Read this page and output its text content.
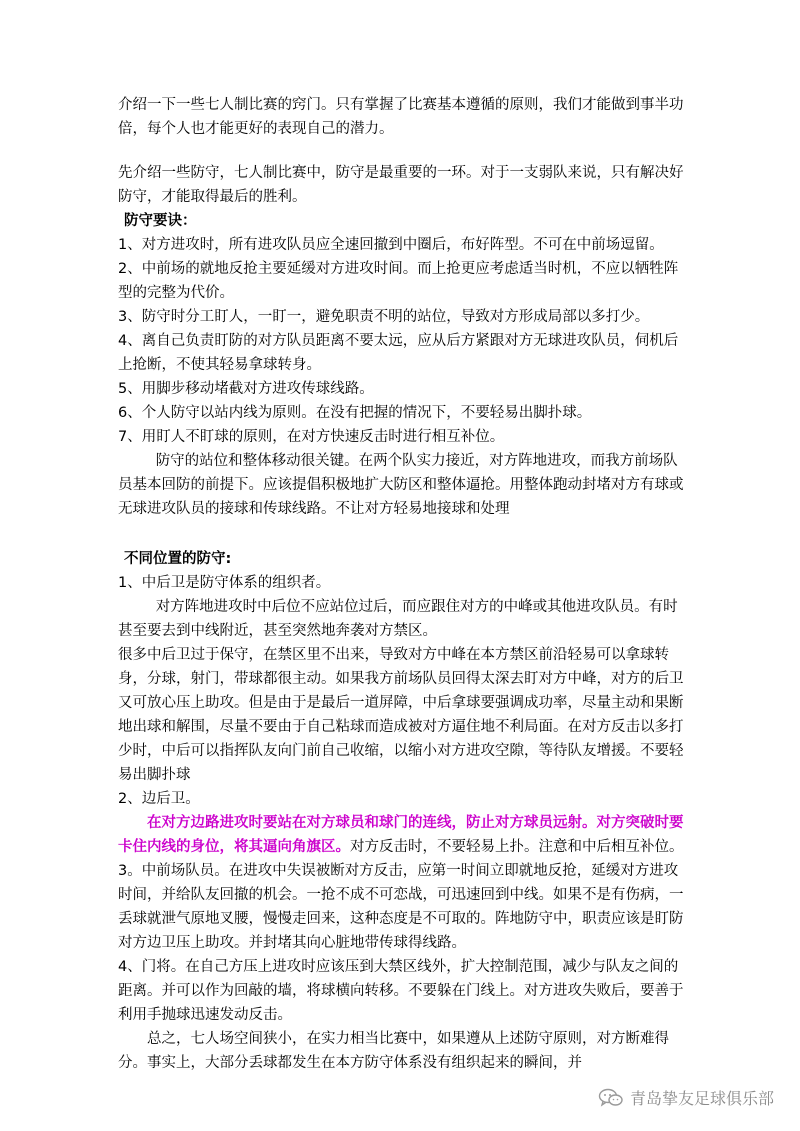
介绍一下一些七人制比赛的窍门。只有掌握了比赛基本遵循的原则，我们才能做到事半功倍，每个人也才能更好的表现自己的潜力。

先介绍一些防守，七人制比赛中，防守是最重要的一环。对于一支弱队来说，只有解决好防守，才能取得最后的胜利。

防守要诀：

1、对方进攻时，所有进攻队员应全速回撤到中圈后，布好阵型。不可在中前场逗留。

2、中前场的就地反抢主要延缓对方进攻时间。而上抢更应考虑适当时机，不应以牺牲阵型的完整为代价。

3、防守时分工盯人，一盯一，避免职责不明的站位，导致对方形成局部以多打少。

4、离自己负责盯防的对方队员距离不要太远，应从后方紧跟对方无球进攻队员，伺机后上抢断，不使其轻易拿球转身。

5、用脚步移动堵截对方进攻传球线路。

6、个人防守以站内线为原则。在没有把握的情况下，不要轻易出脚扑球。

7、用盯人不盯球的原则，在对方快速反击时进行相互补位。

防守的站位和整体移动很关键。在两个队实力接近，对方阵地进攻，而我方前场队员基本回防的前提下。应该提倡积极地扩大防区和整体逼抢。用整体跑动封堵对方有球或无球进攻队员的接球和传球线路。不让对方轻易地接球和处理

不同位置的防守:

1、中后卫是防守体系的组织者。

对方阵地进攻时中后位不应站位过后，而应跟住对方的中峰或其他进攻队员。有时甚至要去到中线附近，甚至突然地奔袭对方禁区。

很多中后卫过于保守，在禁区里不出来，导致对方中峰在本方禁区前沿轻易可以拿球转身，分球，射门，带球都很主动。如果我方前场队员回得太深去盯对方中峰，对方的后卫又可放心压上助攻。但是由于是最后一道屏障，中后拿球要强调成功率，尽量主动和果断地出球和解围，尽量不要由于自己粘球而造成被对方逼住地不利局面。在对方反击以多打少时，中后可以指挥队友向门前自己收缩，以缩小对方进攻空隙，等待队友增援。不要轻易出脚扑球

2、边后卫。

在对方边路进攻时要站在对方球员和球门的连线，防止对方球员远射。对方突破时要卡住内线的身位，将其逼向角旗区。对方反击时，不要轻易上扑。注意和中后相互补位。

3。中前场队员。在进攻中失误被断对方反击，应第一时间立即就地反抢，延缓对方进攻时间，并给队友回撤的机会。一抢不成不可恋战，可迅速回到中线。如果不是有伤病，一丢球就泄气原地叉腰，慢慢走回来，这种态度是不可取的。阵地防守中，职责应该是盯防对方边卫压上助攻。并封堵其向心脏地带传球得线路。

4、门将。在自己方压上进攻时应该压到大禁区线外，扩大控制范围，减少与队友之间的距离。并可以作为回敲的墙，将球横向转移。不要躲在门线上。对方进攻失败后，要善于利用手抛球迅速发动反击。

总之，七人场空间狭小，在实力相当比赛中，如果遵从上述防守原则，对方断难得分。事实上，大部分丢球都发生在本方防守体系没有组织起来的瞬间，并

青岛挚友足球俱乐部
